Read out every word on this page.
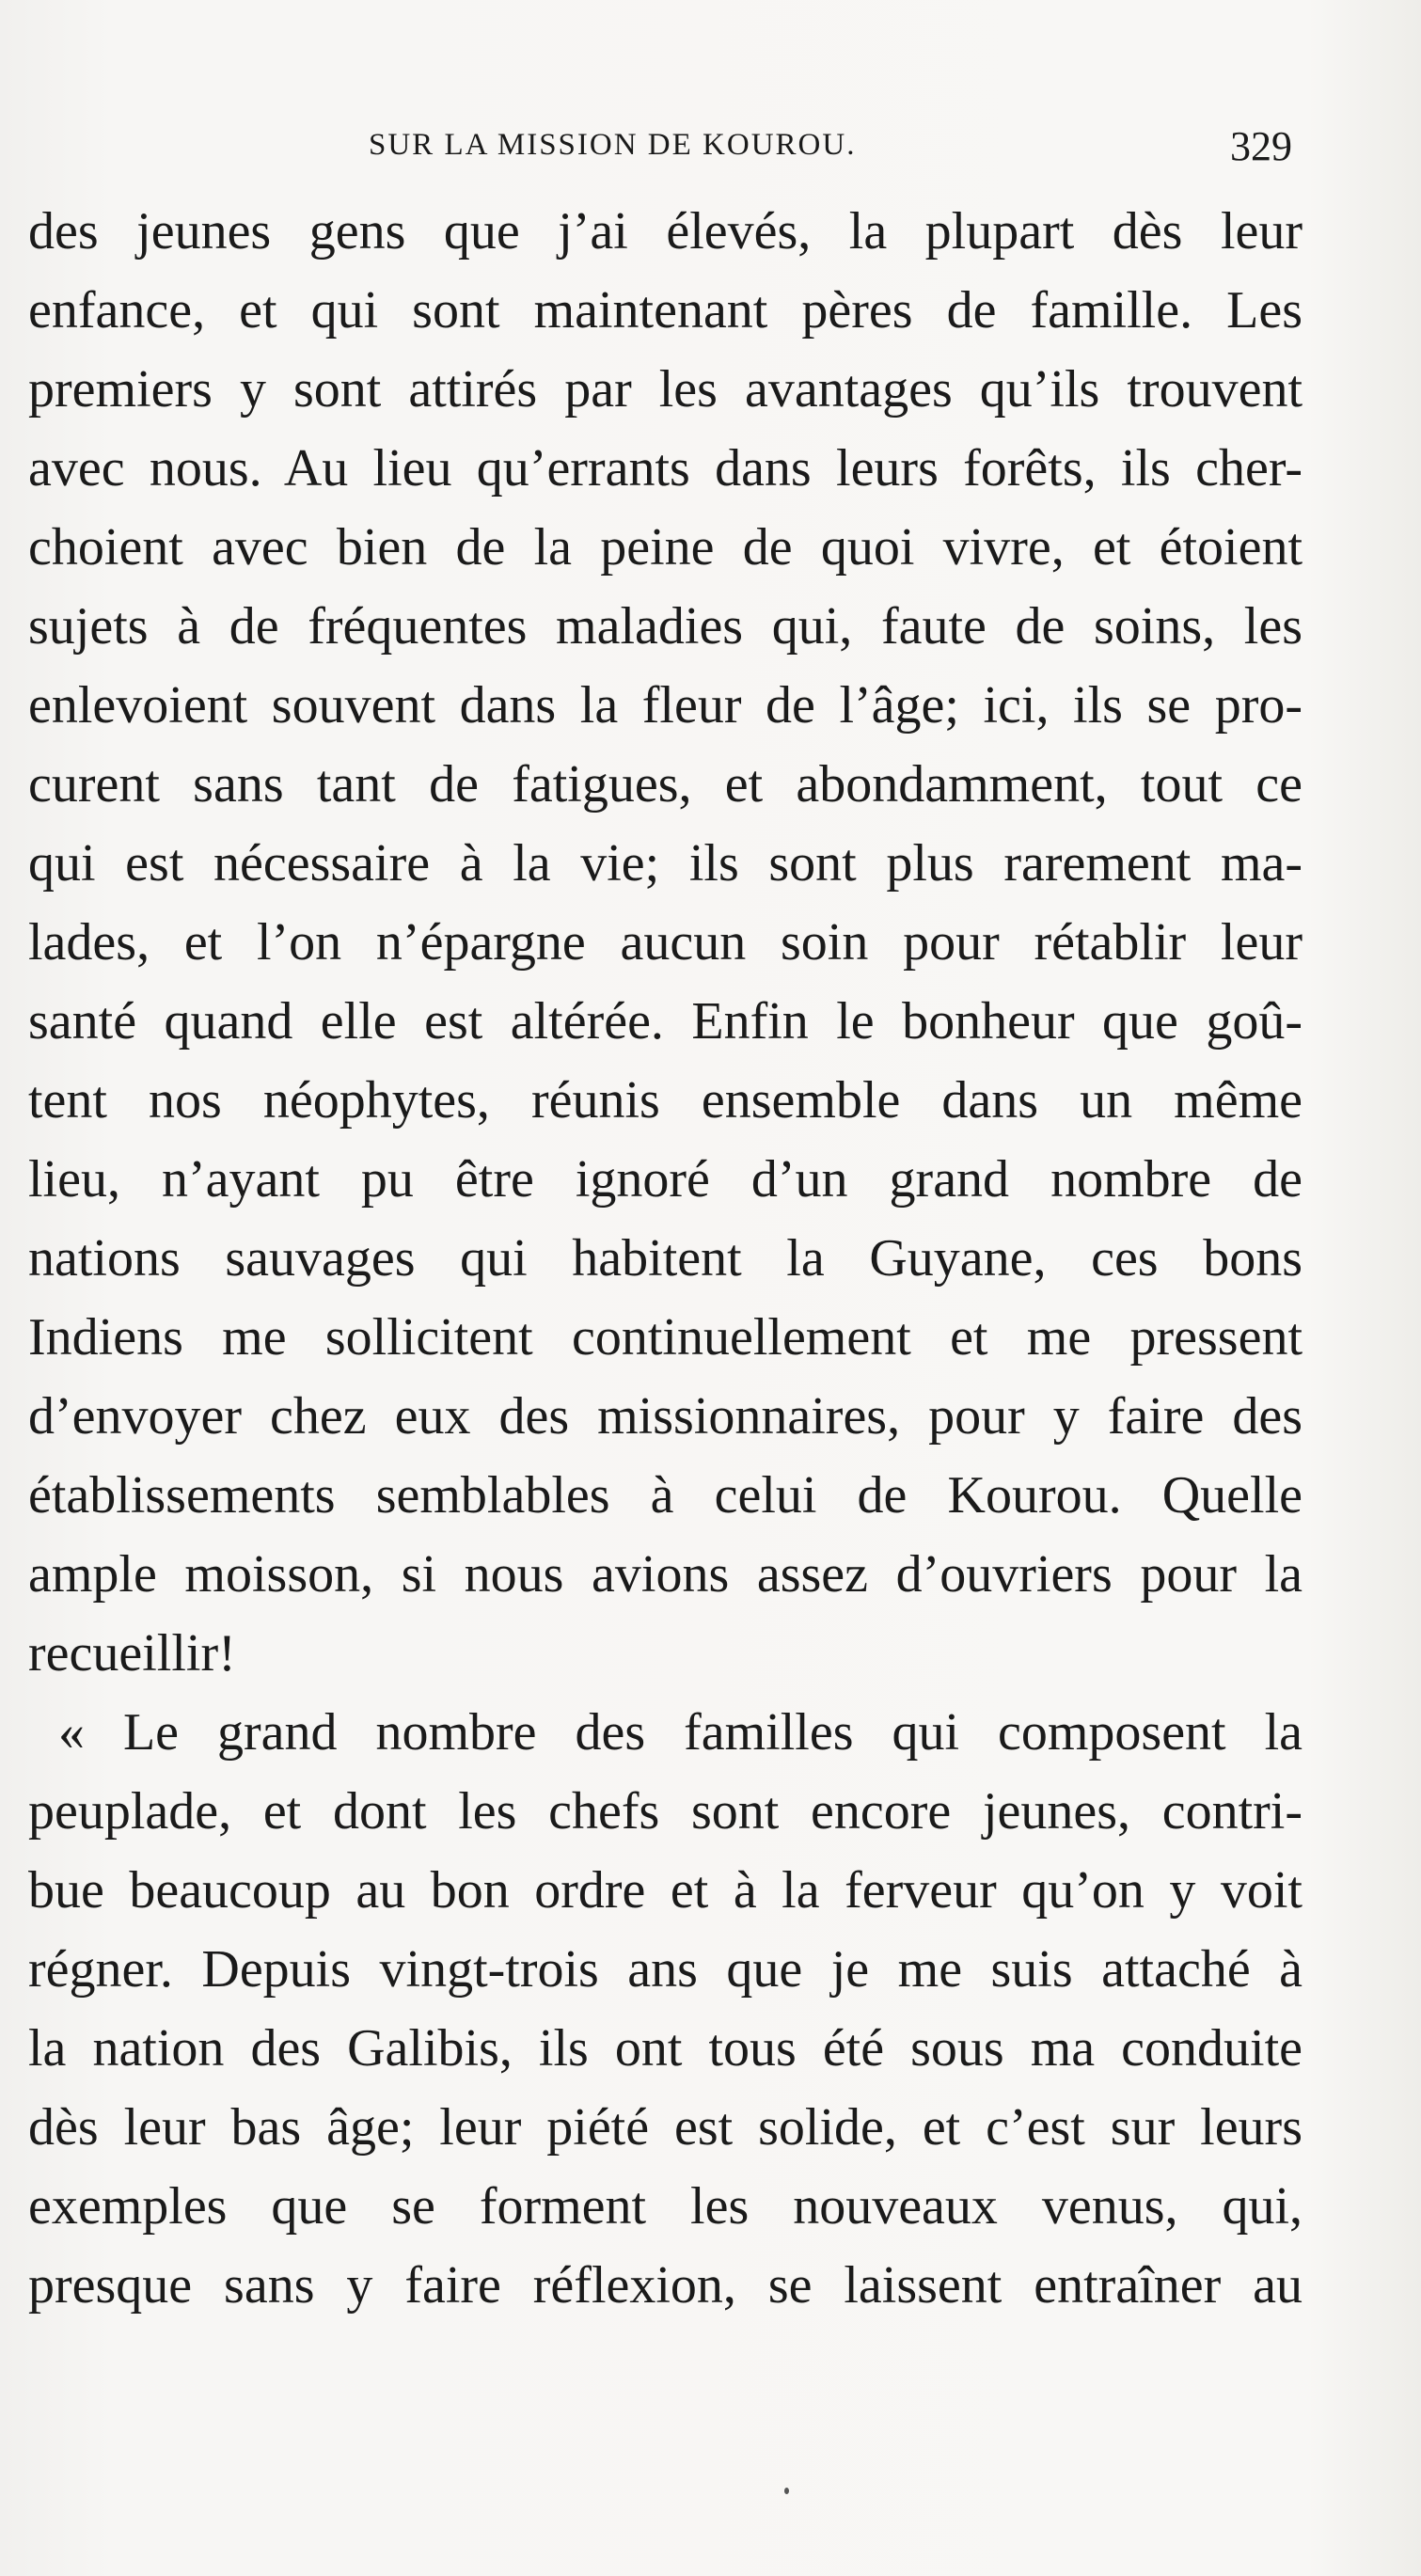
SUR LA MISSION DE KOUROU.	329
des jeunes gens que j’ai élevés, la plupart dès leur
enfance, et qui sont maintenant pères de famille. Les
premiers y sont attirés par les avantages qu’ils trouvent
avec nous. Au lieu qu’errants dans leurs forêts, ils cher-
choient avec bien de la peine de quoi vivre, et étoient
sujets à de fréquentes maladies qui, faute de soins, les
enlevoient souvent dans la fleur de l’âge; ici, ils se pro-
curent sans tant de fatigues, et abondamment, tout ce
qui est nécessaire à la vie; ils sont plus rarement ma-
lades, et l’on n’épargne aucun soin pour rétablir leur
santé quand elle est altérée. Enfin le bonheur que goû-
tent nos néophytes, réunis ensemble dans un même
lieu, n’ayant pu être ignoré d’un grand nombre de
nations sauvages qui habitent la Guyane, ces bons
Indiens me sollicitent continuellement et me pressent
d’envoyer chez eux des missionnaires, pour y faire des
établissements semblables à celui de Kourou. Quelle
ample moisson, si nous avions assez d’ouvriers pour la
recueillir!
« Le grand nombre des familles qui composent la
peuplade, et dont les chefs sont encore jeunes, contri-
bue beaucoup au bon ordre et à la ferveur qu’on y voit
régner. Depuis vingt-trois ans que je me suis attaché à
la nation des Galibis, ils ont tous été sous ma conduite
dès leur bas âge; leur piété est solide, et c’est sur leurs
exemples que se forment les nouveaux venus, qui,
presque sans y faire réflexion, se laissent entraîner au
